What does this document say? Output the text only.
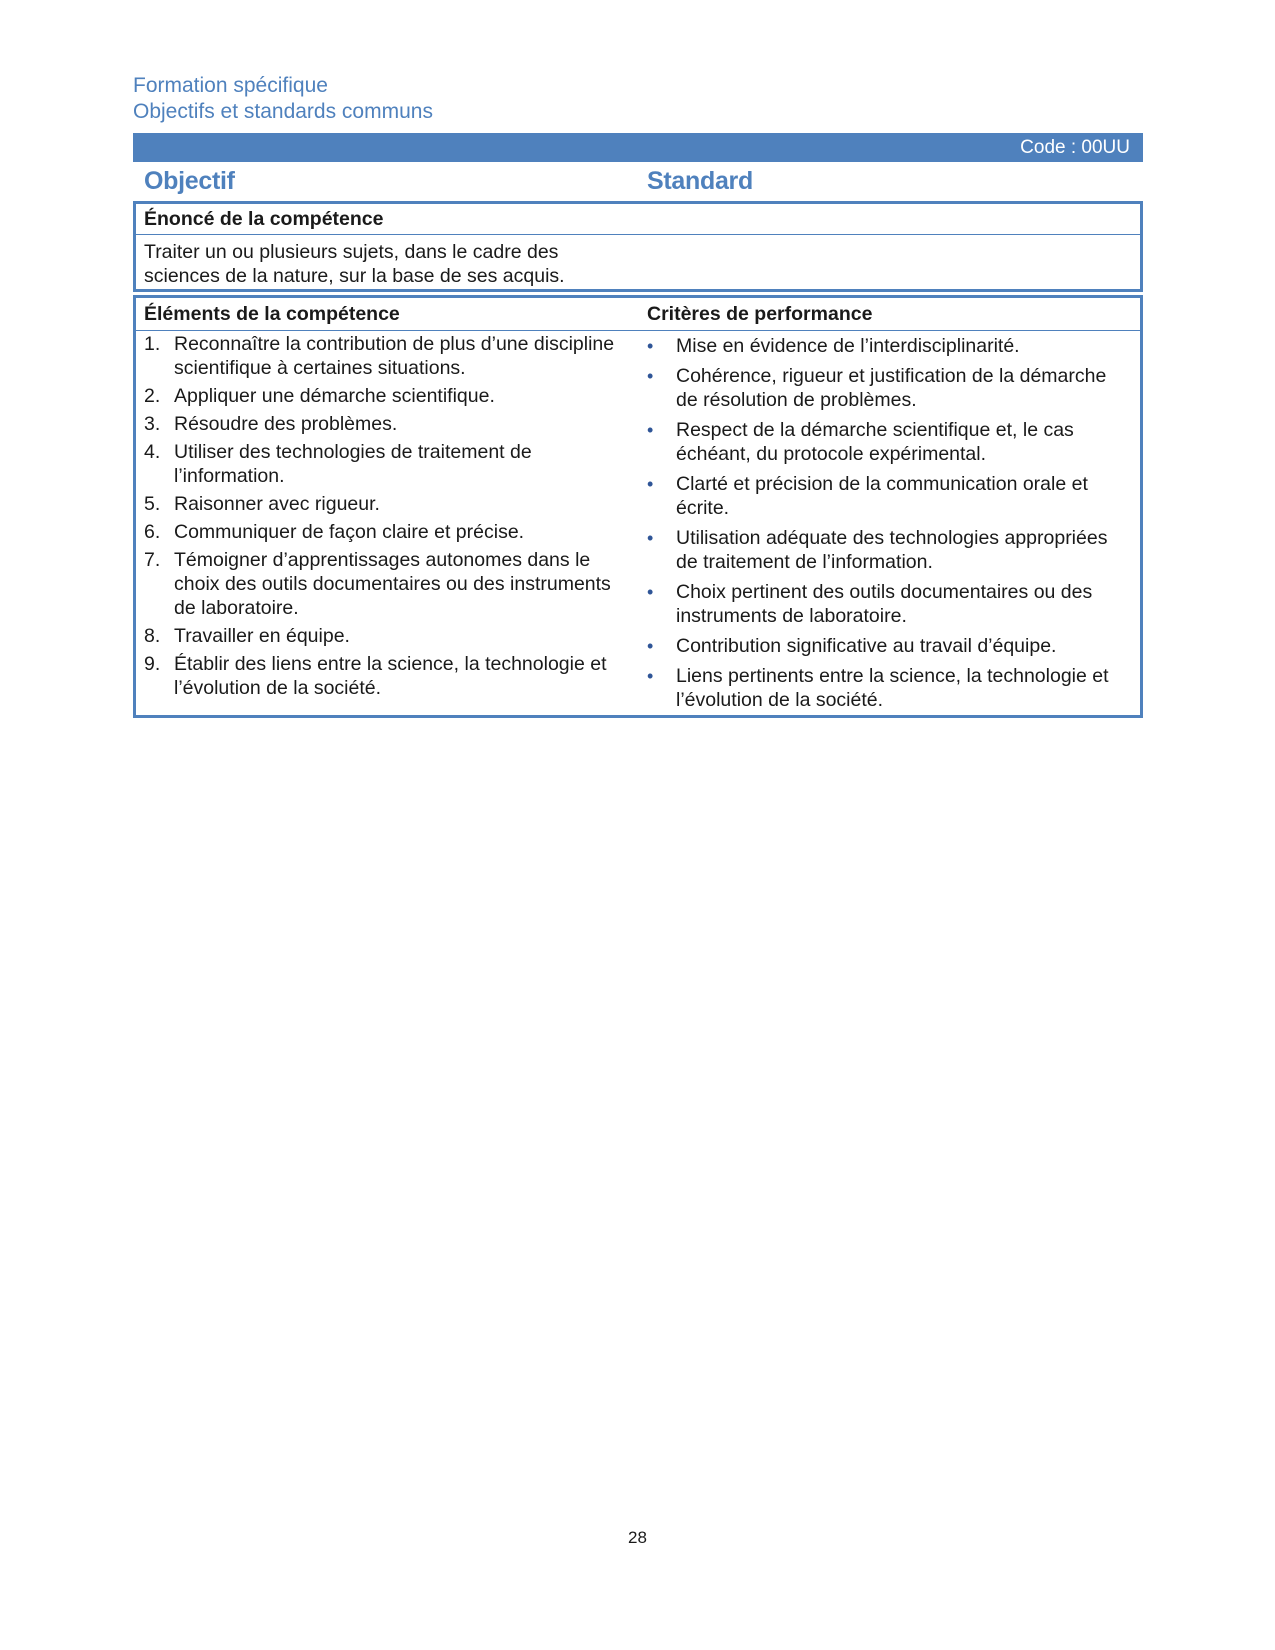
Formation spécifique
Objectifs et standards communs
Code : 00UU
Objectif	Standard
Énoncé de la compétence
Traiter un ou plusieurs sujets, dans le cadre des sciences de la nature, sur la base de ses acquis.
Éléments de la compétence	Critères de performance
1. Reconnaître la contribution de plus d’une discipline scientifique à certaines situations.
2. Appliquer une démarche scientifique.
3. Résoudre des problèmes.
4. Utiliser des technologies de traitement de l’information.
5. Raisonner avec rigueur.
6. Communiquer de façon claire et précise.
7. Témoigner d’apprentissages autonomes dans le choix des outils documentaires ou des instruments de laboratoire.
8. Travailler en équipe.
9. Établir des liens entre la science, la technologie et l’évolution de la société.
• Mise en évidence de l’interdisciplinarité.
• Cohérence, rigueur et justification de la démarche de résolution de problèmes.
• Respect de la démarche scientifique et, le cas échéant, du protocole expérimental.
• Clarté et précision de la communication orale et écrite.
• Utilisation adéquate des technologies appropriées de traitement de l’information.
• Choix pertinent des outils documentaires ou des instruments de laboratoire.
• Contribution significative au travail d’équipe.
• Liens pertinents entre la science, la technologie et l’évolution de la société.
28
